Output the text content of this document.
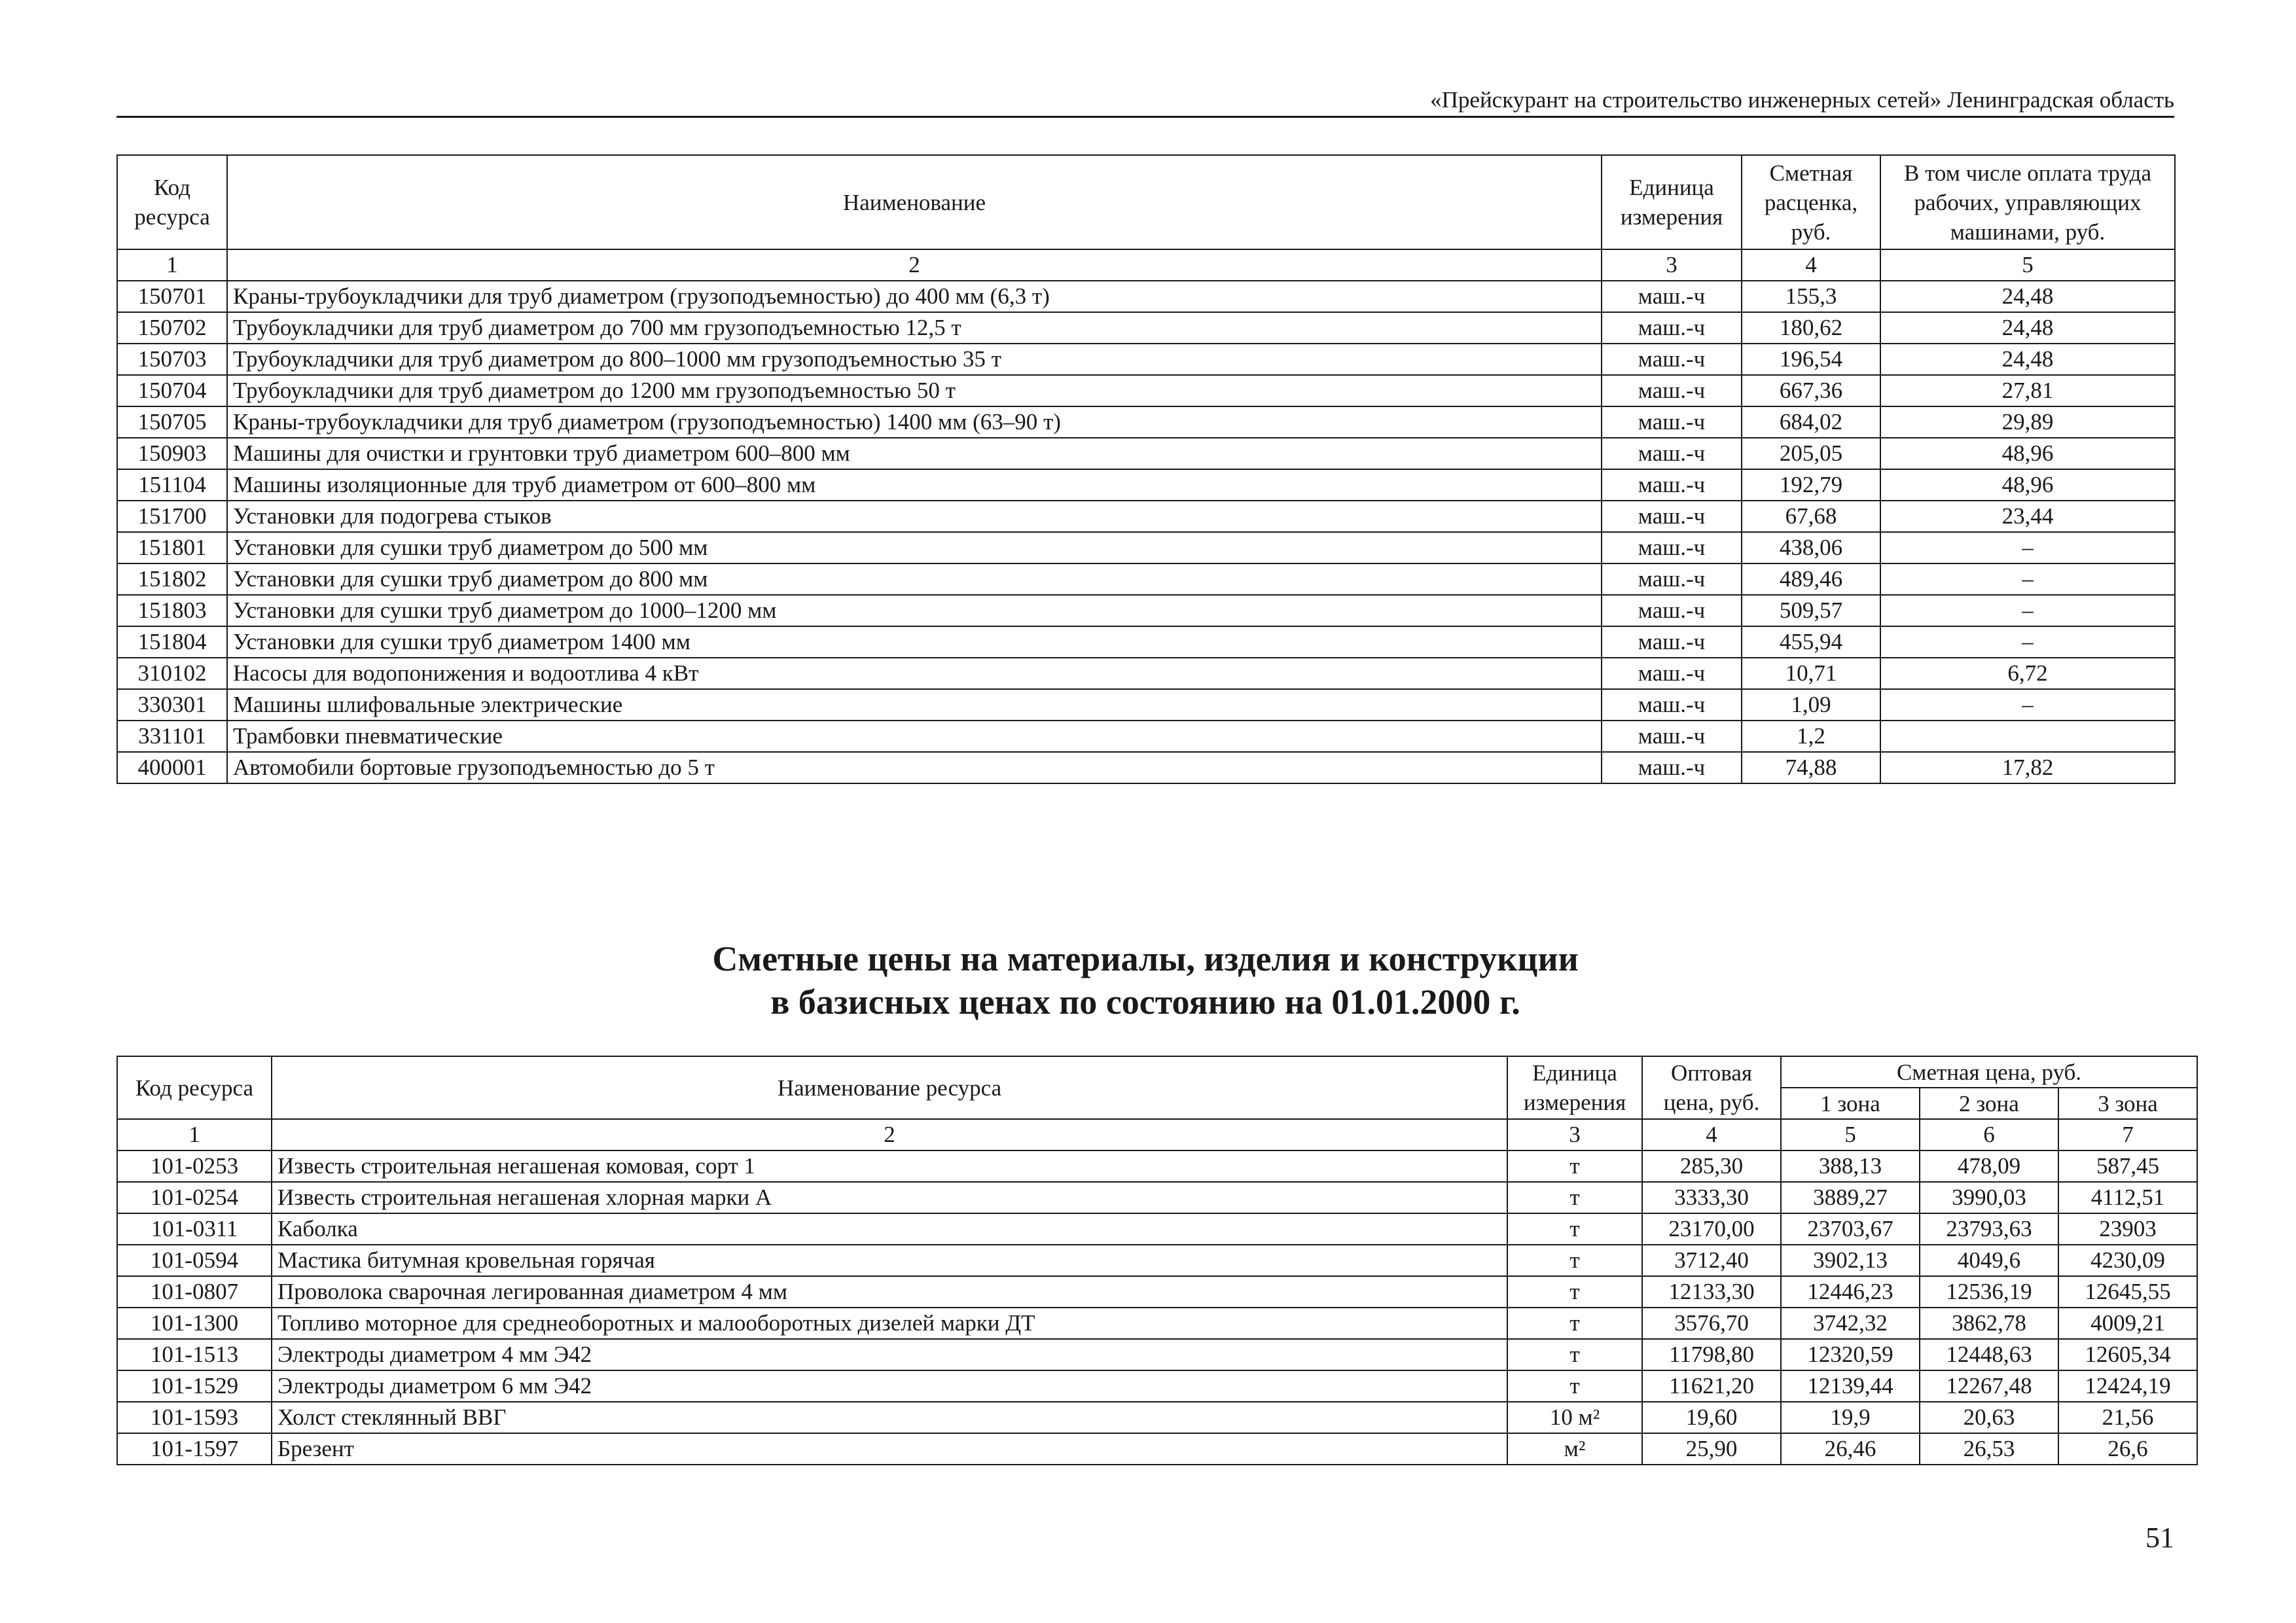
«Прейскурант на строительство инженерных сетей» Ленинградская область
Код ресурса	Наименование	Единица измерения	Сметная расценка, руб.	В том числе оплата труда рабочих, управляющих машинами, руб.
1	2	3	4	5
150701	Краны-трубоукладчики для труб диаметром (грузоподъемностью) до 400 мм (6,3 т)	маш.-ч	155,3	24,48
150702	Трубоукладчики для труб диаметром до 700 мм грузоподъемностью 12,5 т	маш.-ч	180,62	24,48
150703	Трубоукладчики для труб диаметром до 800–1000 мм грузоподъемностью 35 т	маш.-ч	196,54	24,48
150704	Трубоукладчики для труб диаметром до 1200 мм грузоподъемностью 50 т	маш.-ч	667,36	27,81
150705	Краны-трубоукладчики для труб диаметром (грузоподъемностью) 1400 мм (63–90 т)	маш.-ч	684,02	29,89
150903	Машины для очистки и грунтовки труб диаметром 600–800 мм	маш.-ч	205,05	48,96
151104	Машины изоляционные для труб диаметром от 600–800 мм	маш.-ч	192,79	48,96
151700	Установки для подогрева стыков	маш.-ч	67,68	23,44
151801	Установки для сушки труб диаметром до 500 мм	маш.-ч	438,06	–
151802	Установки для сушки труб диаметром до 800 мм	маш.-ч	489,46	–
151803	Установки для сушки труб диаметром до 1000–1200 мм	маш.-ч	509,57	–
151804	Установки для сушки труб диаметром 1400 мм	маш.-ч	455,94	–
310102	Насосы для водопонижения и водоотлива 4 кВт	маш.-ч	10,71	6,72
330301	Машины шлифовальные электрические	маш.-ч	1,09	–
331101	Трамбовки пневматические	маш.-ч	1,2	
400001	Автомобили бортовые грузоподъемностью до 5 т	маш.-ч	74,88	17,82
Сметные цены на материалы, изделия и конструкции
в базисных ценах по состоянию на 01.01.2000 г.
Код ресурса	Наименование ресурса	Единица измерения	Оптовая цена, руб.	Сметная цена, руб.		
				1 зона	2 зона	3 зона
1	2	3	4	5	6	7
101-0253	Известь строительная негашеная комовая, сорт 1	т	285,30	388,13	478,09	587,45
101-0254	Известь строительная негашеная хлорная марки А	т	3333,30	3889,27	3990,03	4112,51
101-0311	Каболка	т	23170,00	23703,67	23793,63	23903
101-0594	Мастика битумная кровельная горячая	т	3712,40	3902,13	4049,6	4230,09
101-0807	Проволока сварочная легированная диаметром 4 мм	т	12133,30	12446,23	12536,19	12645,55
101-1300	Топливо моторное для среднеоборотных и малооборотных дизелей марки ДТ	т	3576,70	3742,32	3862,78	4009,21
101-1513	Электроды диаметром 4 мм Э42	т	11798,80	12320,59	12448,63	12605,34
101-1529	Электроды диаметром 6 мм Э42	т	11621,20	12139,44	12267,48	12424,19
101-1593	Холст стеклянный ВВГ	10 м²	19,60	19,9	20,63	21,56
101-1597	Брезент	м²	25,90	26,46	26,53	26,6
51
